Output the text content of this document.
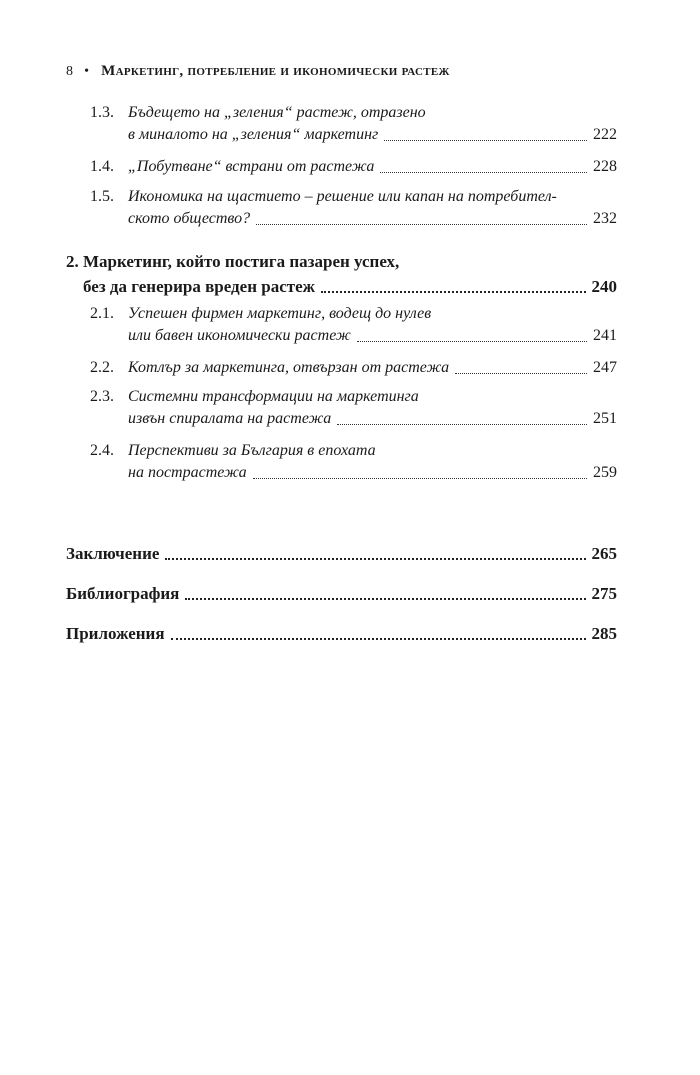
8 • Маркетинг, потребление и икономически растеж
1.3. Бъдещето на „зеления“ растеж, отразено
в миналото на „зеления“ маркетинг	222
1.4. „Побутване“ встрани от растежа	228
1.5. Икономика на щастието – решение или капан на потребител-
ското общество?	232
2. Маркетинг, който постига пазарен успех,
без да генерира вреден растеж	240
2.1. Успешен фирмен маркетинг, водещ до нулев
или бавен икономически растеж	241
2.2. Котлър за маркетинга, отвързан от растежа	247
2.3. Системни трансформации на маркетинга
извън спиралата на растежа	251
2.4. Перспективи за България в епохата
на пострастежа	259
Заключение	265
Библиография	275
Приложения	285
